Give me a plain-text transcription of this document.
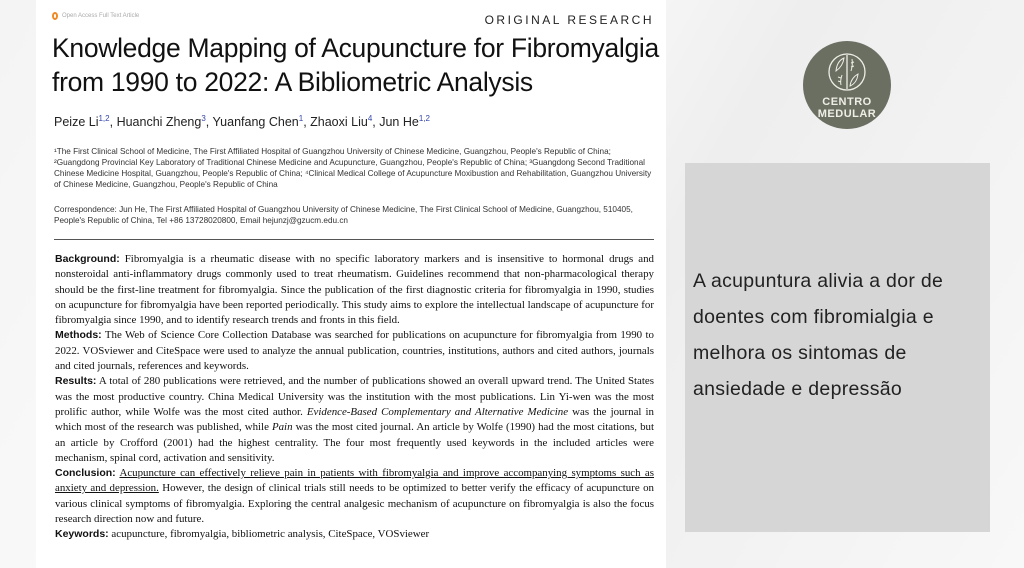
Open Access Full Text Article	ORIGINAL RESEARCH
Knowledge Mapping of Acupuncture for Fibromyalgia from 1990 to 2022: A Bibliometric Analysis
Peize Li$^{1,2}$, Huanchi Zheng$^3$, Yuanfang Chen$^1$, Zhaoxi Liu$^4$, Jun He$^{1,2}$
¹The First Clinical School of Medicine, The First Affiliated Hospital of Guangzhou University of Chinese Medicine, Guangzhou, People's Republic of China; ²Guangdong Provincial Key Laboratory of Traditional Chinese Medicine and Acupuncture, Guangzhou, People's Republic of China; ³Guangdong Second Traditional Chinese Medicine Hospital, Guangzhou, People's Republic of China; ⁴Clinical Medical College of Acupuncture Moxibustion and Rehabilitation, Guangzhou University of Chinese Medicine, Guangzhou, People's Republic of China
Correspondence: Jun He, The First Affiliated Hospital of Guangzhou University of Chinese Medicine, The First Clinical School of Medicine, Guangzhou, 510405, People's Republic of China, Tel +86 13728020800, Email hejunzj@gzucm.edu.cn
Background: Fibromyalgia is a rheumatic disease with no specific laboratory markers and is insensitive to hormonal drugs and nonsteroidal anti-inflammatory drugs commonly used to treat rheumatism. Guidelines recommend that non-pharmacological therapy should be the first-line treatment for fibromyalgia. Since the publication of the first diagnostic criteria for fibromyalgia in 1990, studies on acupuncture for fibromyalgia have been reported periodically. This study aims to explore the intellectual landscape of acupuncture for fibromyalgia since 1990, and to identify research trends and fronts in this field.
Methods: The Web of Science Core Collection Database was searched for publications on acupuncture for fibromyalgia from 1990 to 2022. VOSviewer and CiteSpace were used to analyze the annual publication, countries, institutions, authors and cited authors, journals and cited journals, references and keywords.
Results: A total of 280 publications were retrieved, and the number of publications showed an overall upward trend. The United States was the most productive country. China Medical University was the institution with the most publications. Lin Yi-wen was the most prolific author, while Wolfe was the most cited author. Evidence-Based Complementary and Alternative Medicine was the journal in which most of the research was published, while Pain was the most cited journal. An article by Wolfe (1990) had the most citations, but an article by Crofford (2001) had the highest centrality. The four most frequently used keywords in the included articles were mechanism, spinal cord, activation and sensitivity.
Conclusion: Acupuncture can effectively relieve pain in patients with fibromyalgia and improve accompanying symptoms such as anxiety and depression. However, the design of clinical trials still needs to be optimized to better verify the efficacy of acupuncture on various clinical symptoms of fibromyalgia. Exploring the central analgesic mechanism of acupuncture on fibromyalgia is also the focus research direction now and future.
Keywords: acupuncture, fibromyalgia, bibliometric analysis, CiteSpace, VOSviewer
CENTRO
MEDULAR

A acupuntura alivia a dor de doentes com fibromialgia e melhora os sintomas de ansiedade e depressão
